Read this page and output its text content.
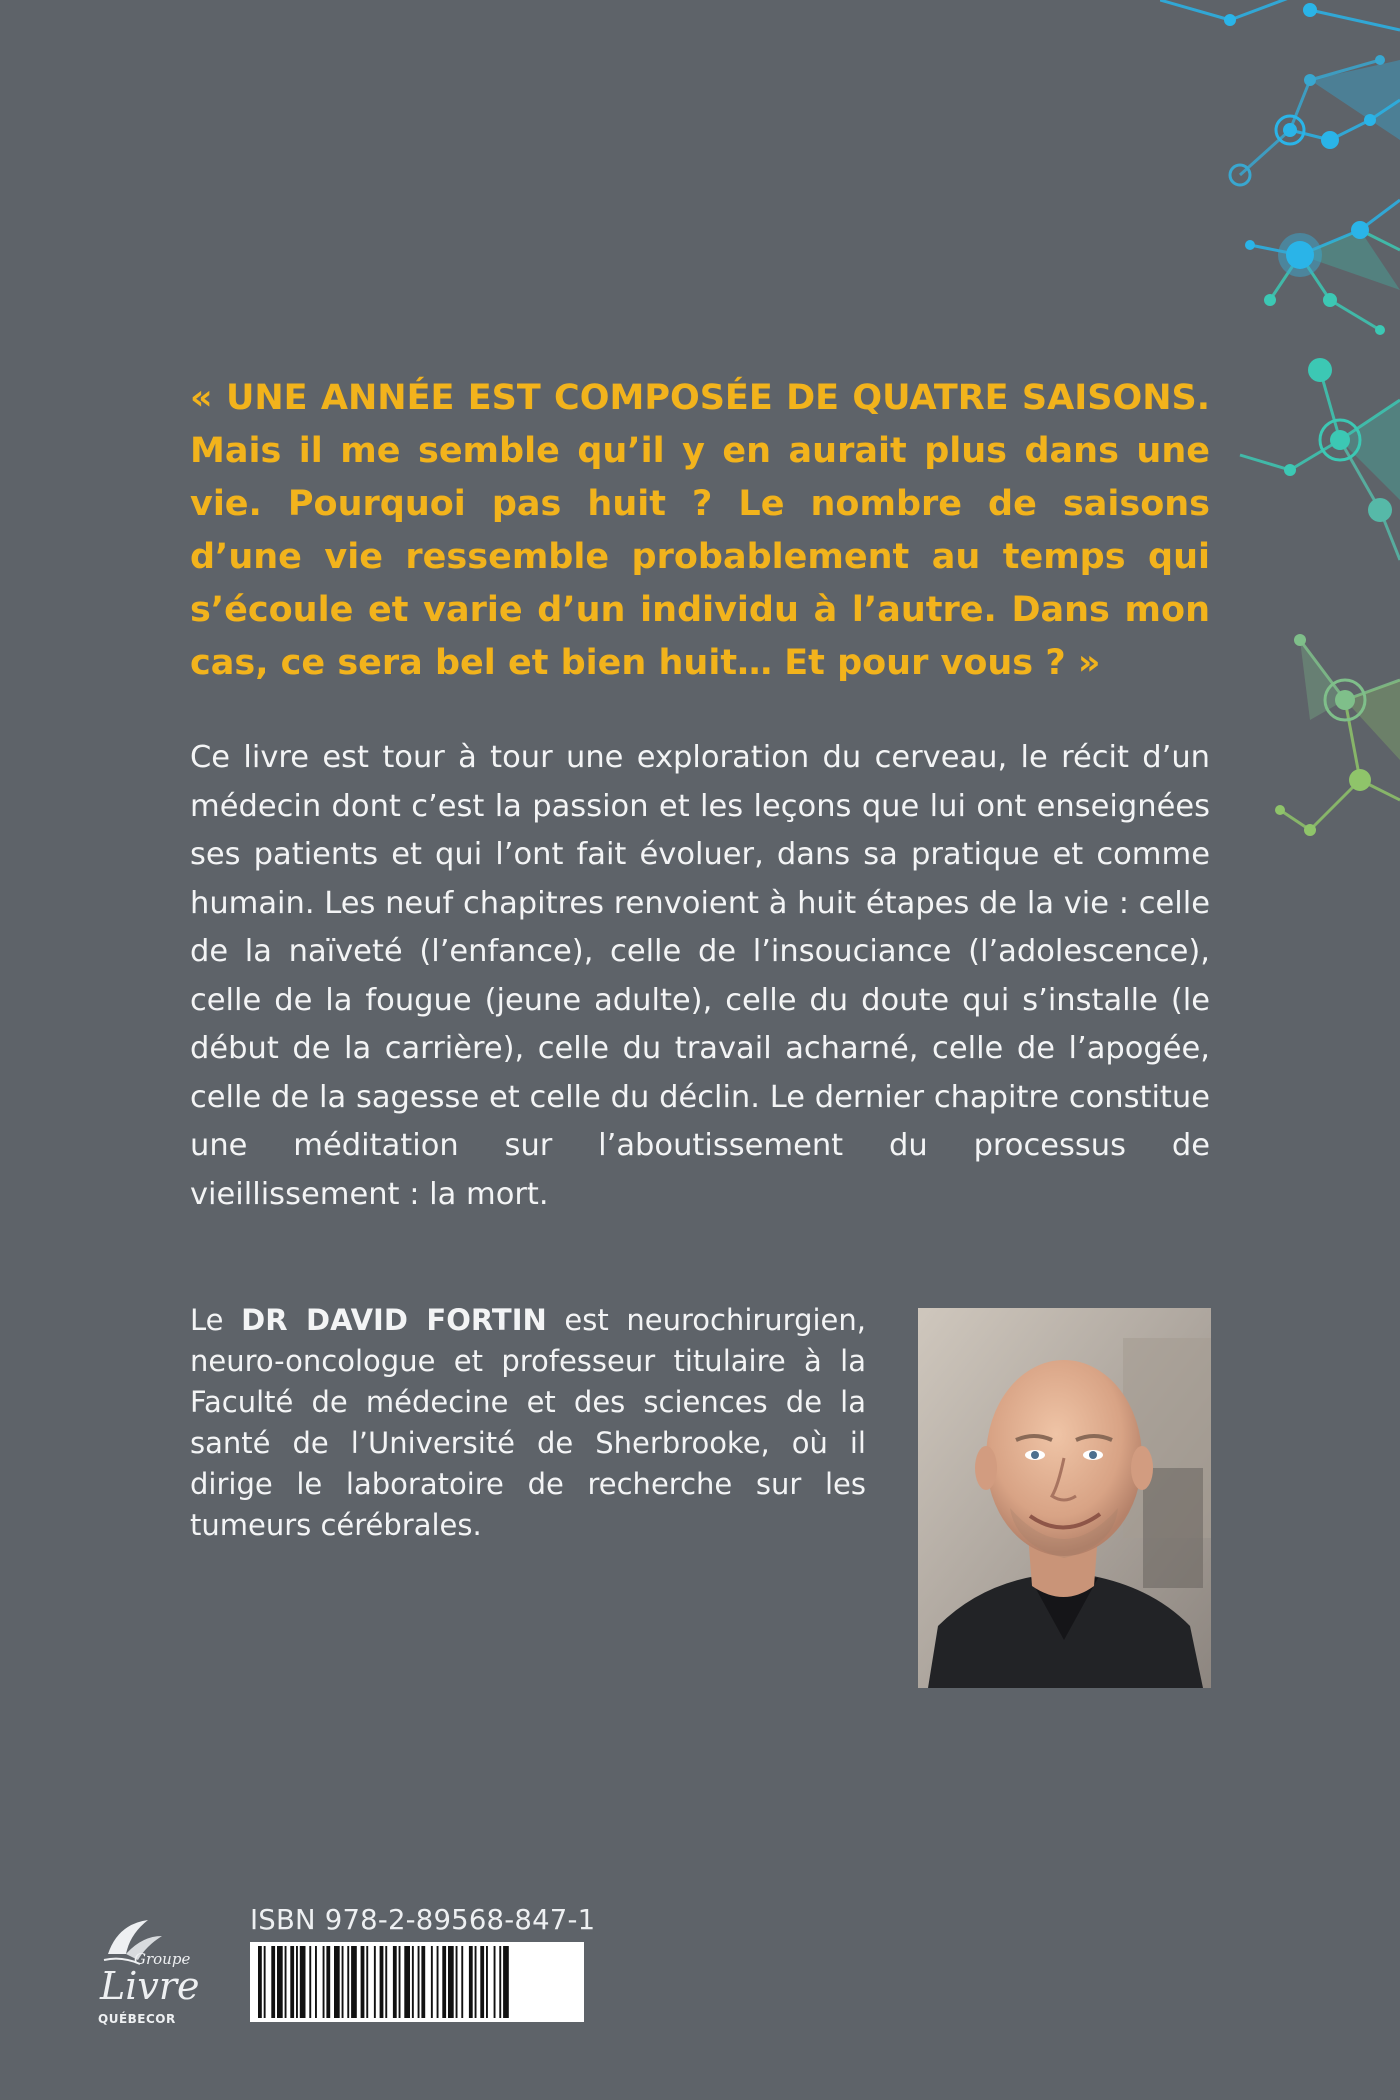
« UNE ANNÉE EST COMPOSÉE DE QUATRE SAISONS. Mais il me semble qu’il y en aurait plus dans une vie. Pourquoi pas huit ? Le nombre de saisons d’une vie ressemble probablement au temps qui s’écoule et varie d’un individu à l’autre. Dans mon cas, ce sera bel et bien huit… Et pour vous ? »

Ce livre est tour à tour une exploration du cerveau, le récit d’un médecin dont c’est la passion et les leçons que lui ont enseignées ses patients et qui l’ont fait évoluer, dans sa pratique et comme humain. Les neuf chapitres renvoient à huit étapes de la vie : celle de la naïveté (l’enfance), celle de l’insouciance (l’adolescence), celle de la fougue (jeune adulte), celle du doute qui s’installe (le début de la carrière), celle du travail acharné, celle de l’apogée, celle de la sagesse et celle du déclin. Le dernier chapitre constitue une méditation sur l’aboutissement du processus de vieillissement : la mort.

Le DR DAVID FORTIN est neurochirurgien, neuro-oncologue et professeur titulaire à la Faculté de médecine et des sciences de la santé de l’Université de Sherbrooke, où il dirige le laboratoire de recherche sur les tumeurs cérébrales.

Groupe
Livre
QUÉBECOR
ISBN 978-2-89568-847-1
